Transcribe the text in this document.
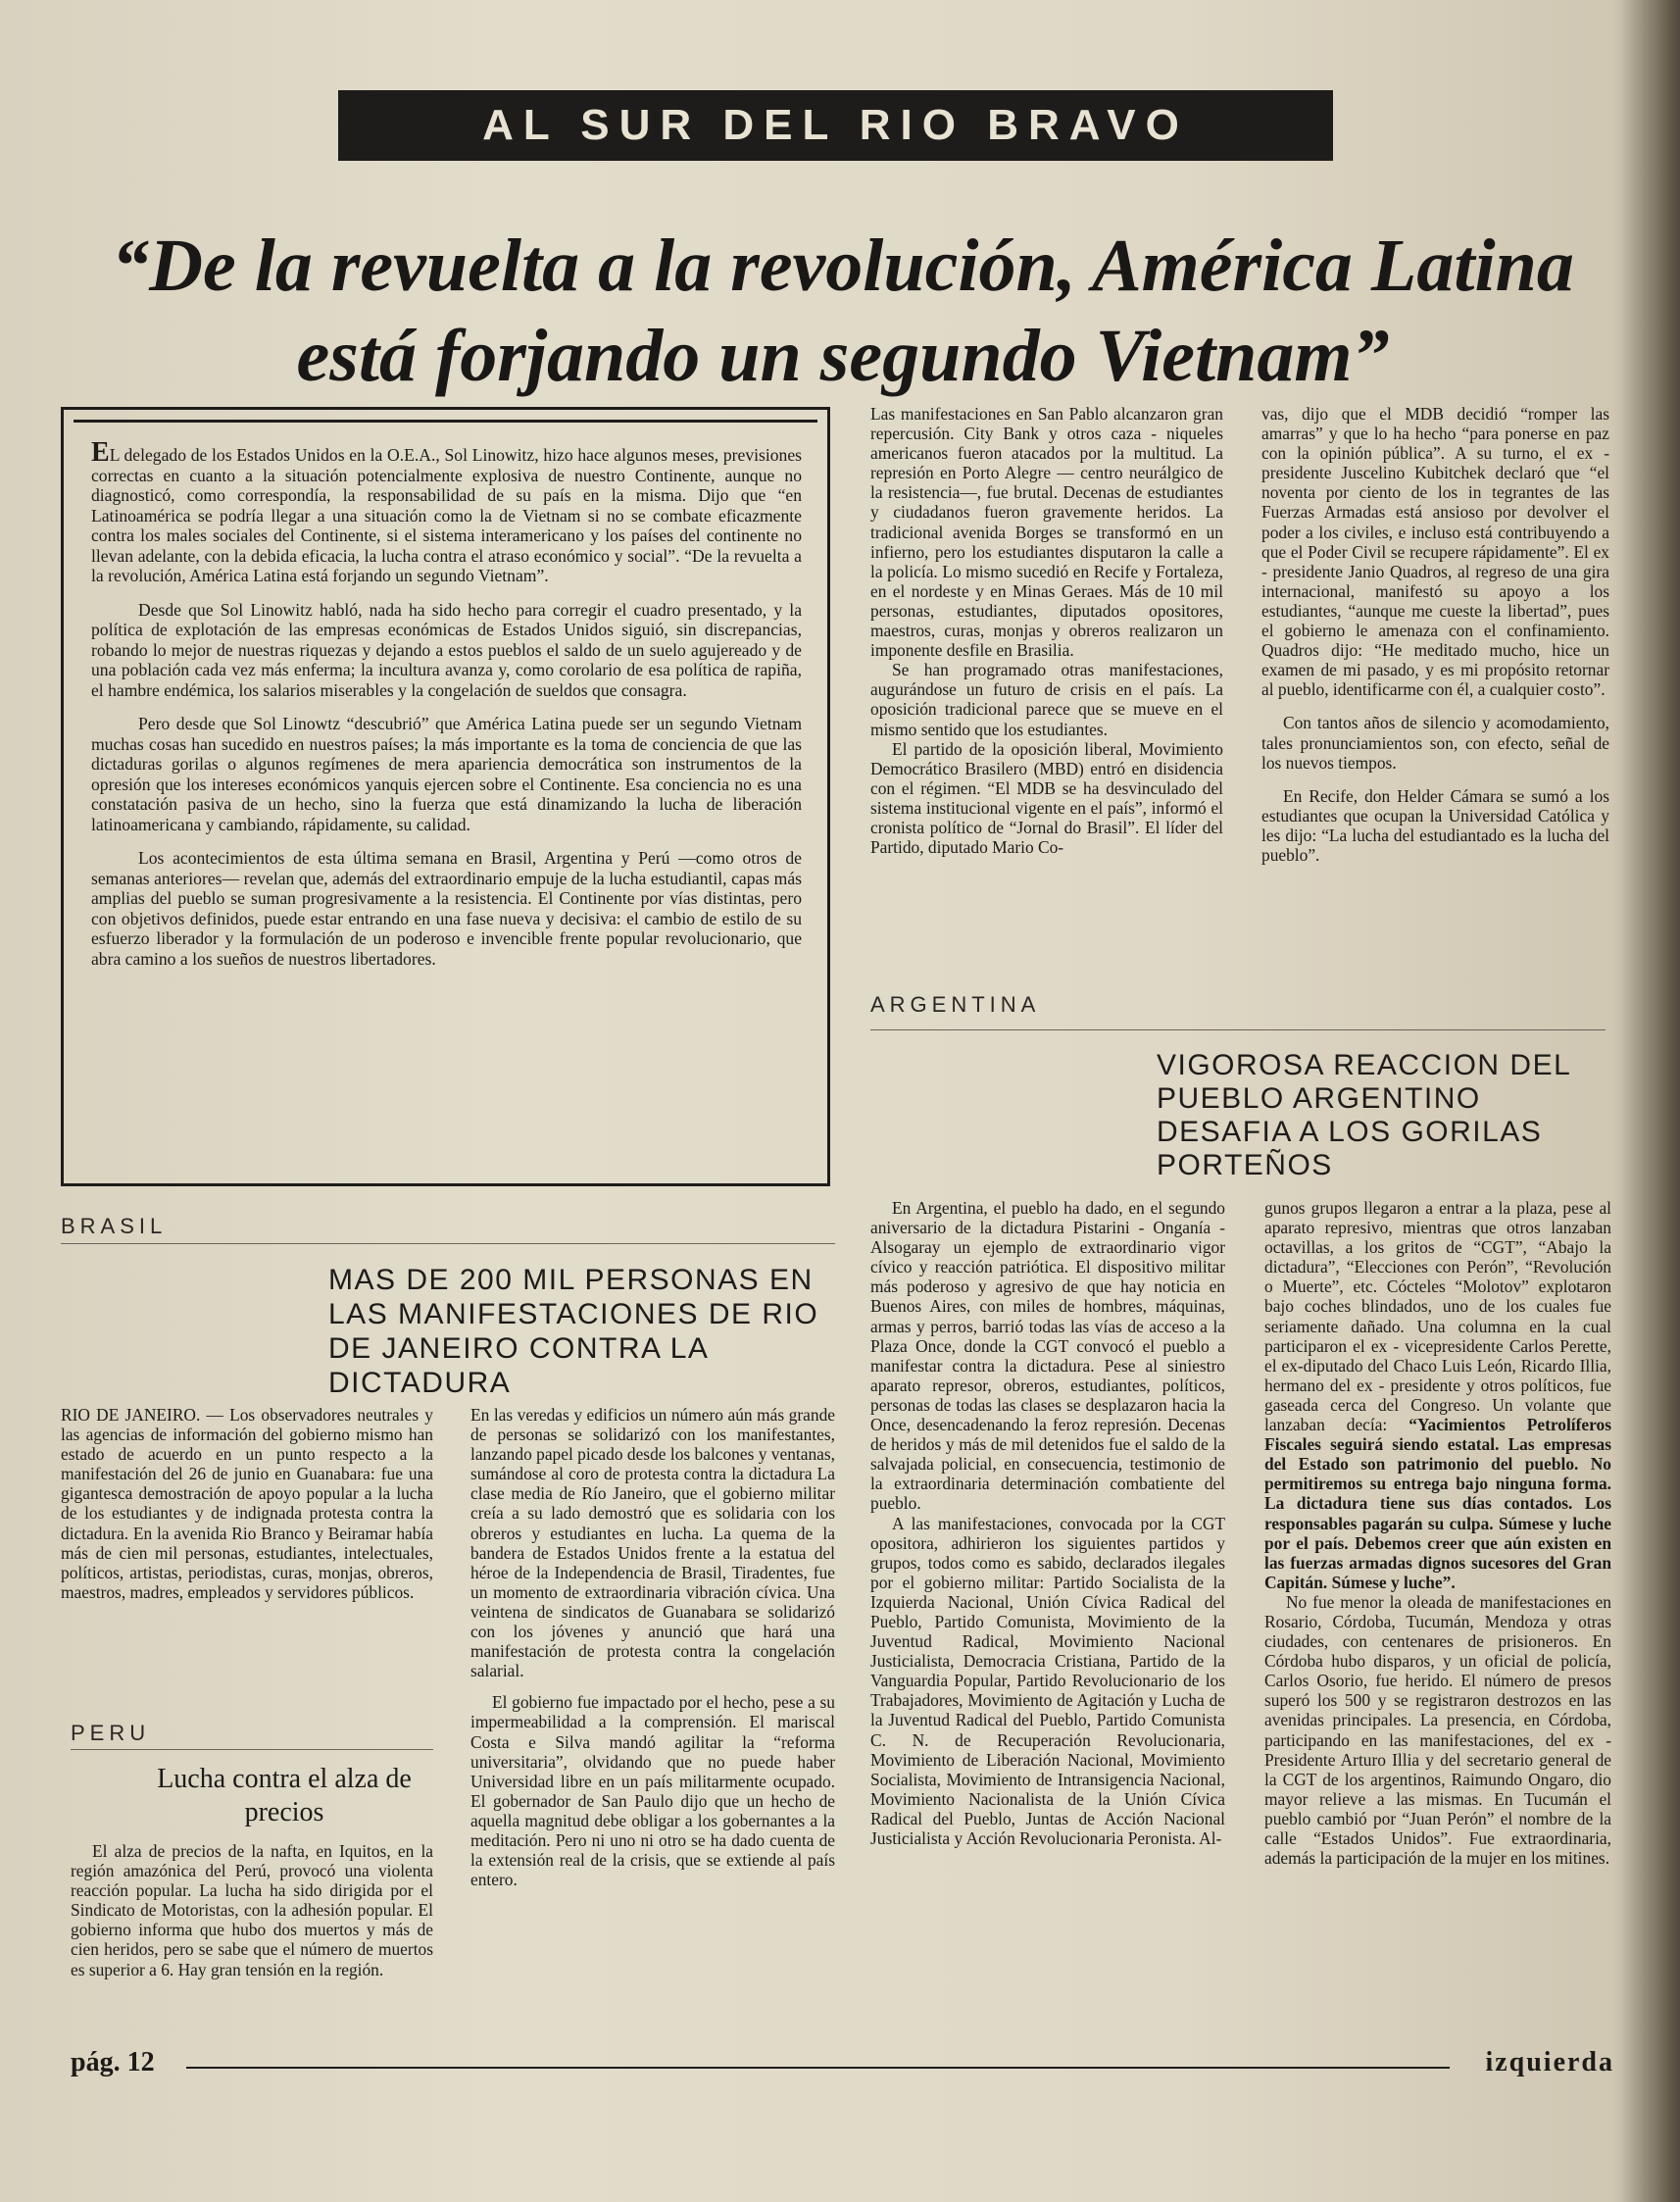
AL SUR DEL RIO BRAVO
“De la revuelta a la revolución, América Latina está forjando un segundo Vietnam”

EL delegado de los Estados Unidos en la O.E.A., Sol Linowitz, hizo hace algunos meses, previsiones correctas en cuanto a la situación potencialmente explosiva de nuestro Continente, aunque no diagnosticó, como correspondía, la responsabilidad de su país en la misma. Dijo que “en Latinoamérica se podría llegar a una situación como la de Vietnam si no se combate eficazmente contra los males sociales del Continente, si el sistema interamericano y los países del continente no llevan adelante, con la debida eficacia, la lucha contra el atraso económico y social”. “De la revuelta a la revolución, América Latina está forjando un segundo Vietnam”.

Desde que Sol Linowitz habló, nada ha sido hecho para corregir el cuadro presentado, y la política de explotación de las empresas económicas de Estados Unidos siguió, sin discrepancias, robando lo mejor de nuestras riquezas y dejando a estos pueblos el saldo de un suelo agujereado y de una población cada vez más enferma; la incultura avanza y, como corolario de esa política de rapiña, el hambre endémica, los salarios miserables y la congelación de sueldos que consagra.

Pero desde que Sol Linowtz “descubrió” que América Latina puede ser un segundo Vietnam muchas cosas han sucedido en nuestros países; la más importante es la toma de conciencia de que las dictaduras gorilas o algunos regímenes de mera apariencia democrática son instrumentos de la opresión que los intereses económicos yanquis ejercen sobre el Continente. Esa conciencia no es una constatación pasiva de un hecho, sino la fuerza que está dinamizando la lucha de liberación latinoamericana y cambiando, rápidamente, su calidad.

Los acontecimientos de esta última semana en Brasil, Argentina y Perú —como otros de semanas anteriores— revelan que, además del extraordinario empuje de la lucha estudiantil, capas más amplias del pueblo se suman progresivamente a la resistencia. El Continente por vías distintas, pero con objetivos definidos, puede estar entrando en una fase nueva y decisiva: el cambio de estilo de su esfuerzo liberador y la formulación de un poderoso e invencible frente popular revolucionario, que abra camino a los sueños de nuestros libertadores.

Las manifestaciones en San Pablo alcanzaron gran repercusión. City Bank y otros caza - niqueles americanos fueron atacados por la multitud. La represión en Porto Alegre — centro neurálgico de la resistencia—, fue brutal. Decenas de estudiantes y ciudadanos fueron gravemente heridos. La tradicional avenida Borges se transformó en un infierno, pero los estudiantes disputaron la calle a la policía. Lo mismo sucedió en Recife y Fortaleza, en el nordeste y en Minas Geraes. Más de 10 mil personas, estudiantes, diputados opositores, maestros, curas, monjas y obreros realizaron un imponente desfile en Brasilia.

Se han programado otras manifestaciones, augurándose un futuro de crisis en el país. La oposición tradicional parece que se mueve en el mismo sentido que los estudiantes.

El partido de la oposición liberal, Movimiento Democrático Brasilero (MBD) entró en disidencia con el régimen. “El MDB se ha desvinculado del sistema institucional vigente en el país”, informó el cronista político de “Jornal do Brasil”. El líder del Partido, diputado Mario Co-

vas, dijo que el MDB decidió “romper las amarras” y que lo ha hecho “para ponerse en paz con la opinión pública”. A su turno, el ex - presidente Juscelino Kubitchek declaró que “el noventa por ciento de los in tegrantes de las Fuerzas Armadas está ansioso por devolver el poder a los civiles, e incluso está contribuyendo a que el Poder Civil se recupere rápidamente”. El ex - presidente Janio Quadros, al regreso de una gira internacional, manifestó su apoyo a los estudiantes, “aunque me cueste la libertad”, pues el gobierno le amenaza con el confinamiento. Quadros dijo: “He meditado mucho, hice un examen de mi pasado, y es mi propósito retornar al pueblo, identificarme con él, a cualquier costo”.

Con tantos años de silencio y acomodamiento, tales pronunciamientos son, con efecto, señal de los nuevos tiempos.

En Recife, don Helder Cámara se sumó a los estudiantes que ocupan la Universidad Católica y les dijo: “La lucha del estudiantado es la lucha del pueblo”.

ARGENTINA
VIGOROSA REACCION DEL PUEBLO ARGENTINO DESAFIA A LOS GORILAS PORTEÑOS

En Argentina, el pueblo ha dado, en el segundo aniversario de la dictadura Pistarini - Onganía - Alsogaray un ejemplo de extraordinario vigor cívico y reacción patriótica. El dispositivo militar más poderoso y agresivo de que hay noticia en Buenos Aires, con miles de hombres, máquinas, armas y perros, barrió todas las vías de acceso a la Plaza Once, donde la CGT convocó el pueblo a manifestar contra la dictadura. Pese al siniestro aparato represor, obreros, estudiantes, políticos, personas de todas las clases se desplazaron hacia la Once, desencadenando la feroz represión. Decenas de heridos y más de mil detenidos fue el saldo de la salvajada policial, en consecuencia, testimonio de la extraordinaria determinación combatiente del pueblo.

A las manifestaciones, convocada por la CGT opositora, adhirieron los siguientes partidos y grupos, todos como es sabido, declarados ilegales por el gobierno militar: Partido Socialista de la Izquierda Nacional, Unión Cívica Radical del Pueblo, Partido Comunista, Movimiento de la Juventud Radical, Movimiento Nacional Justicialista, Democracia Cristiana, Partido de la Vanguardia Popular, Partido Revolucionario de los Trabajadores, Movimiento de Agitación y Lucha de la Juventud Radical del Pueblo, Partido Comunista C. N. de Recuperación Revolucionaria, Movimiento de Liberación Nacional, Movimiento Socialista, Movimiento de Intransigencia Nacional, Movimiento Nacionalista de la Unión Cívica Radical del Pueblo, Juntas de Acción Nacional Justicialista y Acción Revolucionaria Peronista. Al-

gunos grupos llegaron a entrar a la plaza, pese al aparato represivo, mientras que otros lanzaban octavillas, a los gritos de “CGT”, “Abajo la dictadura”, “Elecciones con Perón”, “Revolución o Muerte”, etc. Cócteles “Molotov” explotaron bajo coches blindados, uno de los cuales fue seriamente dañado. Una columna en la cual participaron el ex - vicepresidente Carlos Perette, el ex-diputado del Chaco Luis León, Ricardo Illia, hermano del ex - presidente y otros políticos, fue gaseada cerca del Congreso. Un volante que lanzaban decía: “Yacimientos Petrolíferos Fiscales seguirá siendo estatal. Las empresas del Estado son patrimonio del pueblo. No permitiremos su entrega bajo ninguna forma. La dictadura tiene sus días contados. Los responsables pagarán su culpa. Súmese y luche por el país. Debemos creer que aún existen en las fuerzas armadas dignos sucesores del Gran Capitán. Súmese y luche”.

No fue menor la oleada de manifestaciones en Rosario, Córdoba, Tucumán, Mendoza y otras ciudades, con centenares de prisioneros. En Córdoba hubo disparos, y un oficial de policía, Carlos Osorio, fue herido. El número de presos superó los 500 y se registraron destrozos en las avenidas principales. La presencia, en Córdoba, participando en las manifestaciones, del ex - Presidente Arturo Illia y del secretario general de la CGT de los argentinos, Raimundo Ongaro, dio mayor relieve a las mismas. En Tucumán el pueblo cambió por “Juan Perón” el nombre de la calle “Estados Unidos”. Fue extraordinaria, además la participación de la mujer en los mitines.

BRASIL
MAS DE 200 MIL PERSONAS EN LAS MANIFESTACIONES DE RIO DE JANEIRO CONTRA LA DICTADURA

RIO DE JANEIRO. — Los observadores neutrales y las agencias de información del gobierno mismo han estado de acuerdo en un punto respecto a la manifestación del 26 de junio en Guanabara: fue una gigantesca demostración de apoyo popular a la lucha de los estudiantes y de indignada protesta contra la dictadura. En la avenida Rio Branco y Beiramar había más de cien mil personas, estudiantes, intelectuales, políticos, artistas, periodistas, curas, monjas, obreros, maestros, madres, empleados y servidores públicos.

En las veredas y edificios un número aún más grande de personas se solidarizó con los manifestantes, lanzando papel picado desde los balcones y ventanas, sumándose al coro de protesta contra la dictadura La clase media de Río Janeiro, que el gobierno militar creía a su lado demostró que es solidaria con los obreros y estudiantes en lucha. La quema de la bandera de Estados Unidos frente a la estatua del héroe de la Independencia de Brasil, Tiradentes, fue un momento de extraordinaria vibración cívica. Una veintena de sindicatos de Guanabara se solidarizó con los jóvenes y anunció que hará una manifestación de protesta contra la congelación salarial.

El gobierno fue impactado por el hecho, pese a su impermeabilidad a la comprensión. El mariscal Costa e Silva mandó agilitar la “reforma universitaria”, olvidando que no puede haber Universidad libre en un país militarmente ocupado. El gobernador de San Paulo dijo que un hecho de aquella magnitud debe obligar a los gobernantes a la meditación. Pero ni uno ni otro se ha dado cuenta de la extensión real de la crisis, que se extiende al país entero.

PERU
Lucha contra el alza de precios

El alza de precios de la nafta, en Iquitos, en la región amazónica del Perú, provocó una violenta reacción popular. La lucha ha sido dirigida por el Sindicato de Motoristas, con la adhesión popular. El gobierno informa que hubo dos muertos y más de cien heridos, pero se sabe que el número de muertos es superior a 6. Hay gran tensión en la región.

pág. 12	izquierda
